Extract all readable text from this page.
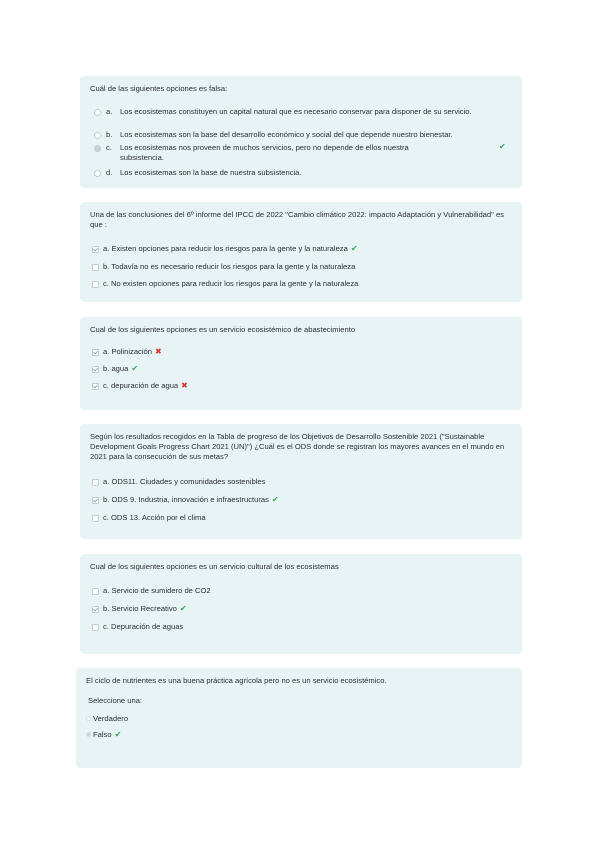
Cuál de las siguientes opciones es falsa:

a.	Los ecosistemas constituyen un capital natural que es necesario conservar para disponer de su servicio.
b.	Los ecosistemas son la base del desarrollo económico y social del que depende nuestro bienestar.
c.	Los ecosistemas nos proveen de muchos servicios, pero no depende de ellos nuestra subsistencia.
✔
d.	Los ecosistemas son la base de nuestra subsistencia.

Una de las conclusiones del 6º informe del IPCC de 2022 "Cambio climático 2022: impacto Adaptación y Vulnerabilidad" es que :

a. Existen opciones para reducir los riesgos para la gente y la naturaleza ✔
b. Todavía no es necesario reducir los riesgos para la gente y la naturaleza
c. No existen opciones para reducir los riesgos para la gente y la naturaleza

Cual de los siguientes opciones es un servicio ecosistémico de abastecimiento

a. Polinización ✖
b. agua ✔
c. depuración de agua ✖

Según los resultados recogidos en la Tabla de progreso de los Objetivos de Desarrollo Sostenible 2021 ("Sustainable Development Goals Progress Chart 2021 (UN)") ¿Cuál es el ODS donde se registran los mayores avances en el mundo en 2021 para la consecución de sus metas?

a. ODS11. Ciudades y comunidades sostenibles
b. ODS 9. Industria, innovación e infraestructuras ✔
c. ODS 13. Acción por el clima

Cual de los siguientes opciones es un servicio cultural de los ecosistemas

a. Servicio de sumidero de CO2
b. Servicio Recreativo ✔
c. Depuración de aguas

El ciclo de nutrientes es una buena práctica agrícola pero no es un servicio ecosistémico.

Seleccione una:

Verdadero
Falso ✔
